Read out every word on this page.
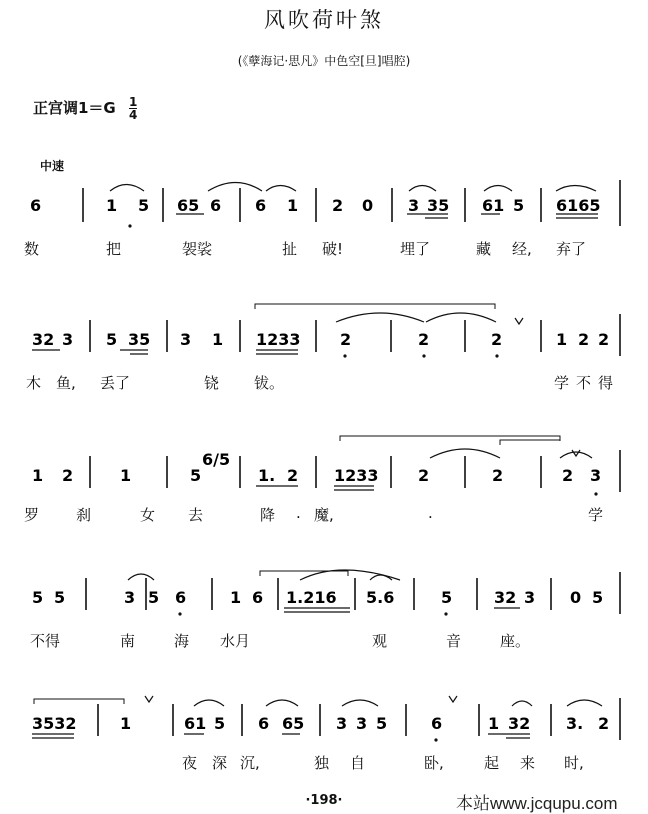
风吹荷叶煞
(《孽海记·思凡》中色空[旦]唱腔)
正宫调$1=G \frac{1}{4}$
中速
6	1 5 65 6 6 1 2 0 3 35 61 5 6165
32 3 5 35 3 1 1233 2	2	2	1 2 2
1 2	1	5
6/5
1. 2 1233 2	2	2 3
5 5	3 5 6	1 6 1.216 5.6	5	32 3 0 5
3532	1	61 5 6 65 3 3 5	6	1 32 3. 2
数	把	袈裟	扯 破!	埋了	藏 经, 弃了
木 鱼, 丢了	铙 钹。	学 不 得
罗 刹	女 去	降 . 魔,	.	学
不得	南	海 水月	观	音	座。
夜 深 沉,	独 自	卧,	起 来 时,
·198·	本站www.jcqupu.com
